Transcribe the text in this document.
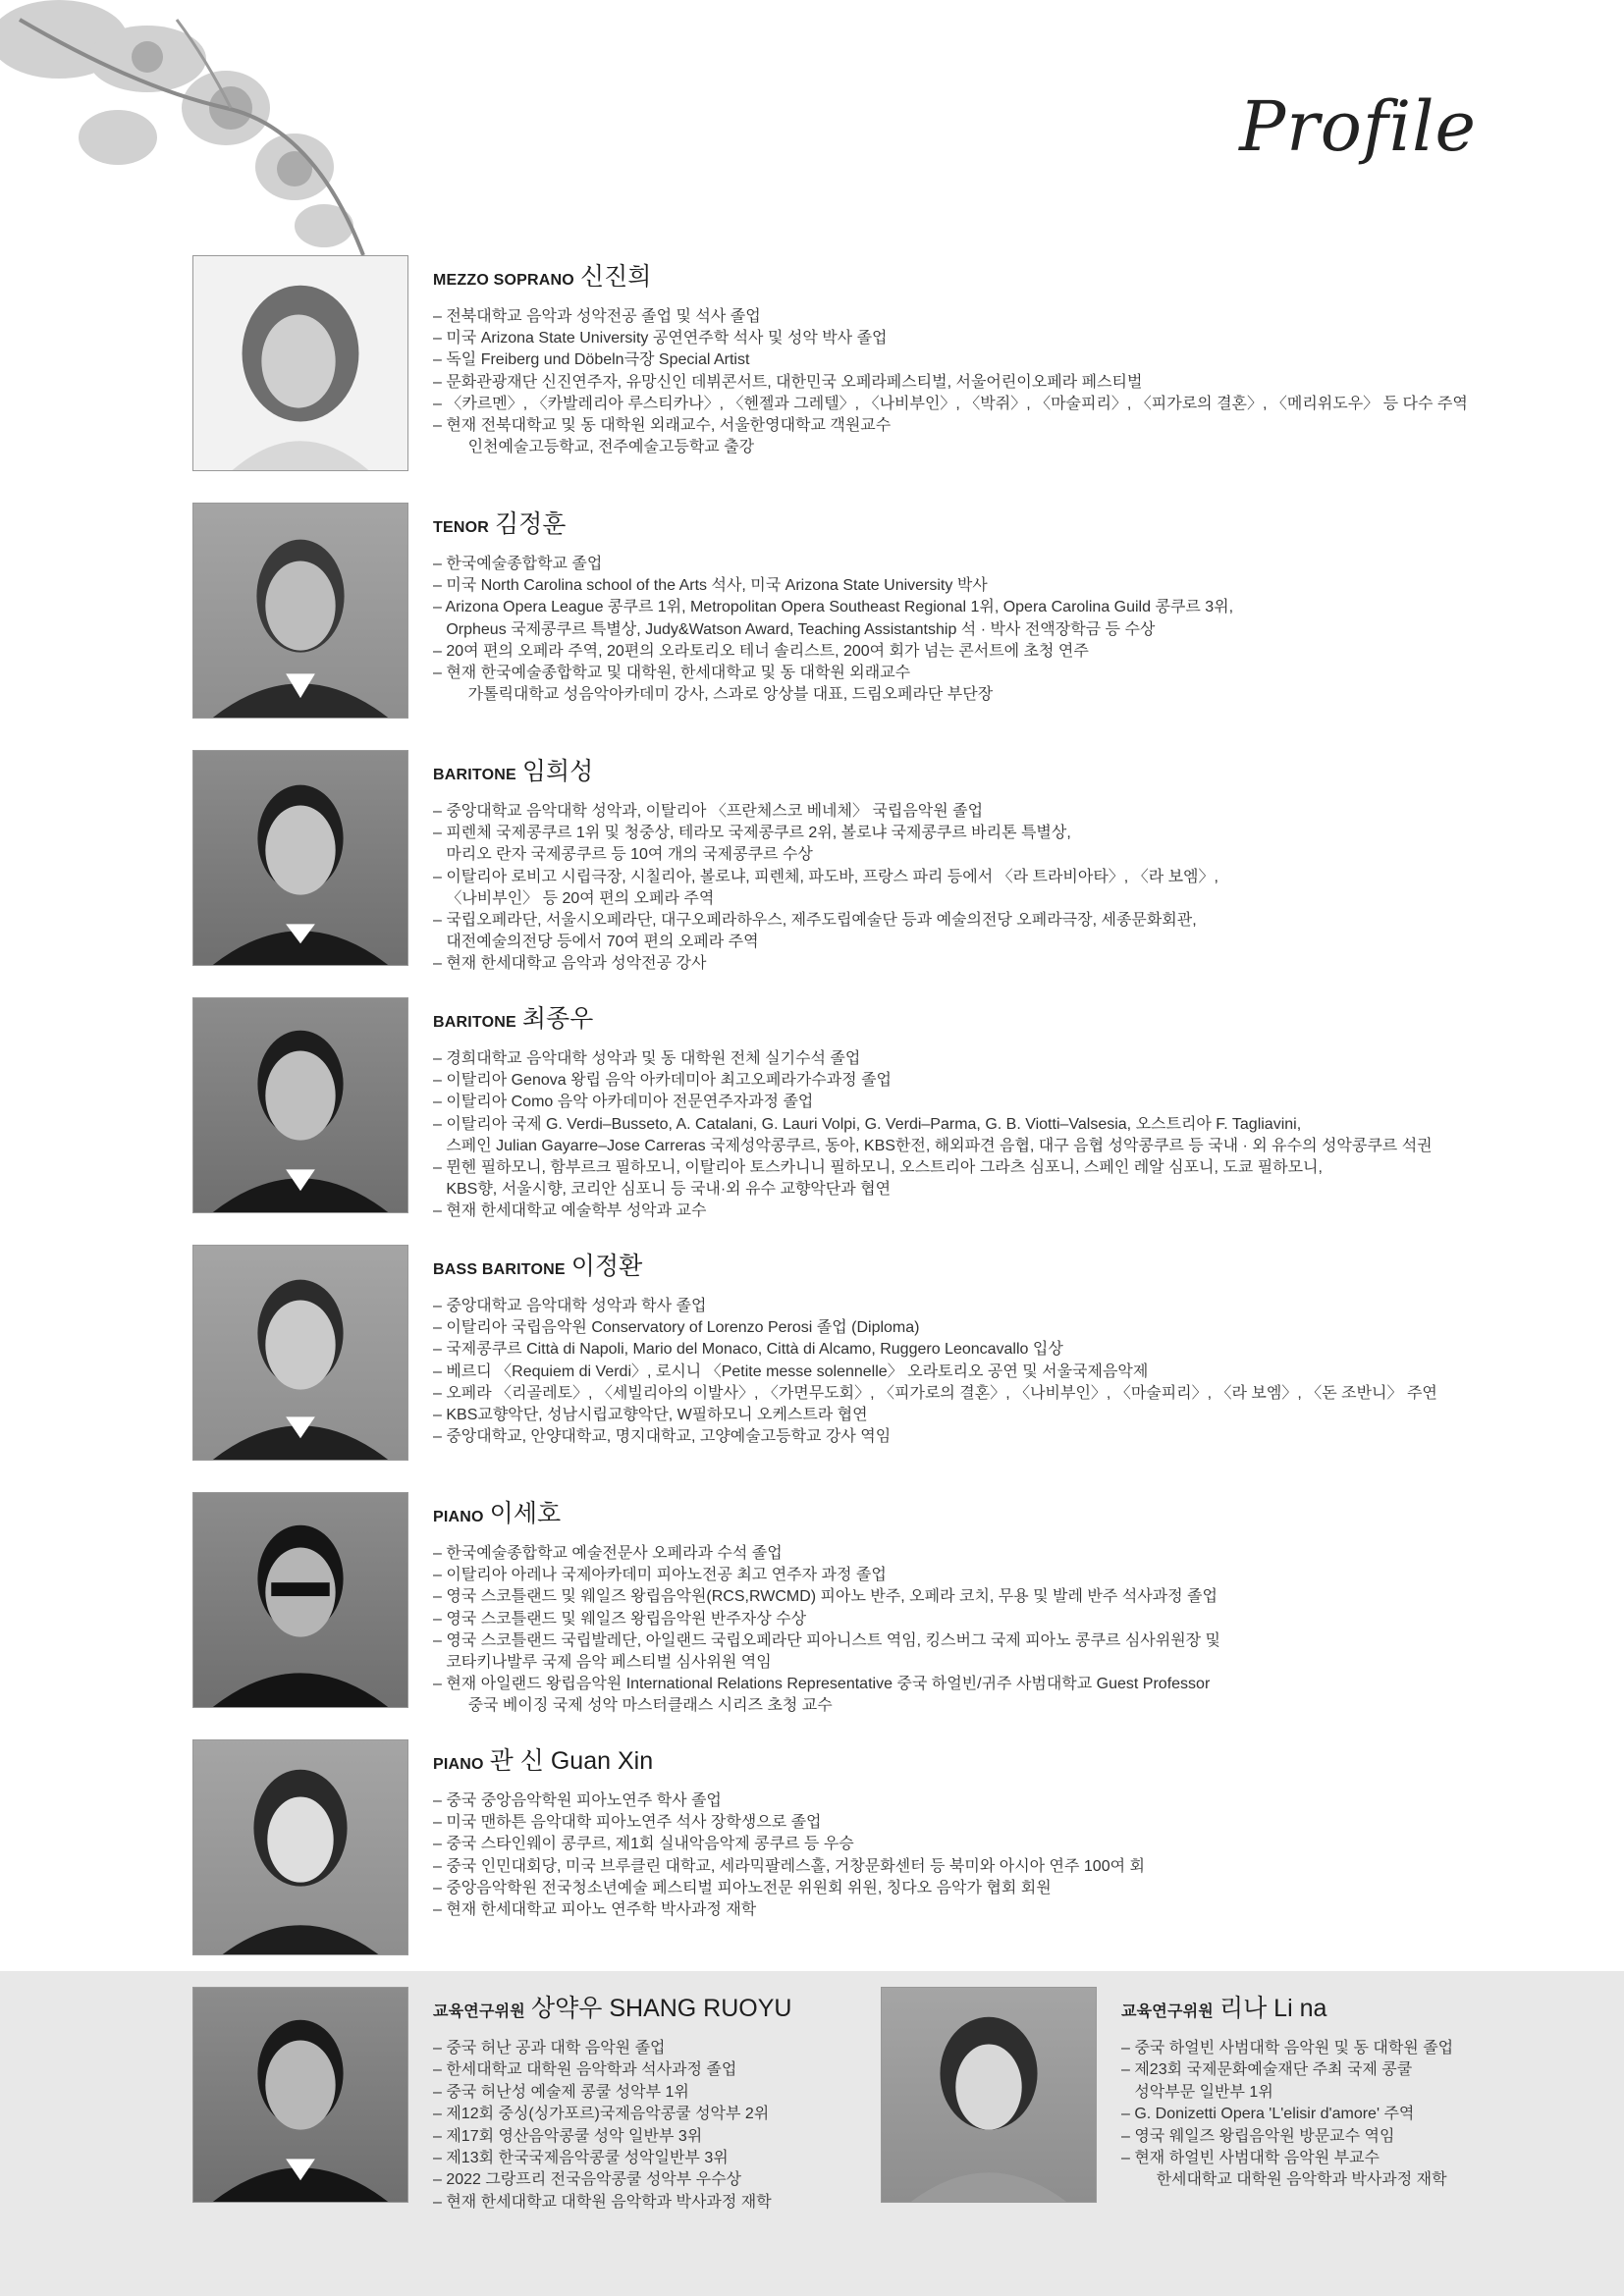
Profile
MEZZO SOPRANO 신진희
– 전북대학교 음악과 성악전공 졸업 및 석사 졸업
– 미국 Arizona State University 공연연주학 석사 및 성악 박사 졸업
– 독일 Freiberg und Döbeln극장 Special Artist
– 문화관광재단 신진연주자, 유망신인 데뷔콘서트, 대한민국 오페라페스티벌, 서울어린이오페라 페스티벌
– 〈카르멘〉, 〈카발레리아 루스티카나〉, 〈헨젤과 그레텔〉, 〈나비부인〉, 〈박쥐〉, 〈마술피리〉, 〈피가로의 결혼〉, 〈메리위도우〉 등 다수 주역
– 현재 전북대학교 및 동 대학원 외래교수, 서울한영대학교 객원교수
인천예술고등학교, 전주예술고등학교 출강
TENOR 김정훈
– 한국예술종합학교 졸업
– 미국 North Carolina school of the Arts 석사, 미국 Arizona State University 박사
– Arizona Opera League 콩쿠르 1위, Metropolitan Opera Southeast Regional 1위, Opera Carolina Guild 콩쿠르 3위,
Orpheus 국제콩쿠르 특별상, Judy&Watson Award, Teaching Assistantship 석 · 박사 전액장학금 등 수상
– 20여 편의 오페라 주역, 20편의 오라토리오 테너 솔리스트, 200여 회가 넘는 콘서트에 초청 연주
– 현재 한국예술종합학교 및 대학원, 한세대학교 및 동 대학원 외래교수
가톨릭대학교 성음악아카데미 강사, 스과로 앙상블 대표, 드림오페라단 부단장
BARITONE 임희성
– 중앙대학교 음악대학 성악과, 이탈리아 〈프란체스코 베네체〉 국립음악원 졸업
– 피렌체 국제콩쿠르 1위 및 청중상, 테라모 국제콩쿠르 2위, 볼로냐 국제콩쿠르 바리톤 특별상,
마리오 란자 국제콩쿠르 등 10여 개의 국제콩쿠르 수상
– 이탈리아 로비고 시립극장, 시칠리아, 볼로냐, 피렌체, 파도바, 프랑스 파리 등에서 〈라 트라비아타〉, 〈라 보엠〉,
〈나비부인〉 등 20여 편의 오페라 주역
– 국립오페라단, 서울시오페라단, 대구오페라하우스, 제주도립예술단 등과 예술의전당 오페라극장, 세종문화회관,
대전예술의전당 등에서 70여 편의 오페라 주역
– 현재 한세대학교 음악과 성악전공 강사
BARITONE 최종우
– 경희대학교 음악대학 성악과 및 동 대학원 전체 실기수석 졸업
– 이탈리아 Genova 왕립 음악 아카데미아 최고오페라가수과정 졸업
– 이탈리아 Como 음악 아카데미아 전문연주자과정 졸업
– 이탈리아 국제 G. Verdi–Busseto, A. Catalani, G. Lauri Volpi, G. Verdi–Parma, G. B. Viotti–Valsesia, 오스트리아 F. Tagliavini,
스페인 Julian Gayarre–Jose Carreras 국제성악콩쿠르, 동아, KBS한전, 해외파견 음협, 대구 음협 성악콩쿠르 등 국내 · 외 유수의 성악콩쿠르 석권
– 뮌헨 필하모니, 함부르크 필하모니, 이탈리아 토스카니니 필하모니, 오스트리아 그라츠 심포니, 스페인 레알 심포니, 도쿄 필하모니,
KBS향, 서울시향, 코리안 심포니 등 국내·외 유수 교향악단과 협연
– 현재 한세대학교 예술학부 성악과 교수
BASS BARITONE 이정환
– 중앙대학교 음악대학 성악과 학사 졸업
– 이탈리아 국립음악원 Conservatory of Lorenzo Perosi 졸업 (Diploma)
– 국제콩쿠르 Città di Napoli, Mario del Monaco, Città di Alcamo, Ruggero Leoncavallo 입상
– 베르디 〈Requiem di Verdi〉, 로시니 〈Petite messe solennelle〉 오라토리오 공연 및 서울국제음악제
– 오페라 〈리골레토〉, 〈세빌리아의 이발사〉, 〈가면무도회〉, 〈피가로의 결혼〉, 〈나비부인〉, 〈마술피리〉, 〈라 보엠〉, 〈돈 조반니〉 주연
– KBS교향악단, 성남시립교향악단, W필하모니 오케스트라 협연
– 중앙대학교, 안양대학교, 명지대학교, 고양예술고등학교 강사 역임
PIANO 이세호
– 한국예술종합학교 예술전문사 오페라과 수석 졸업
– 이탈리아 아레나 국제아카데미 피아노전공 최고 연주자 과정 졸업
– 영국 스코틀랜드 및 웨일즈 왕립음악원(RCS,RWCMD) 피아노 반주, 오페라 코치, 무용 및 발레 반주 석사과정 졸업
– 영국 스코틀랜드 및 웨일즈 왕립음악원 반주자상 수상
– 영국 스코틀랜드 국립발레단, 아일랜드 국립오페라단 피아니스트 역임, 킹스버그 국제 피아노 콩쿠르 심사위원장 및
코타키나발루 국제 음악 페스티벌 심사위원 역임
– 현재 아일랜드 왕립음악원 International Relations Representative 중국 하얼빈/귀주 사범대학교 Guest Professor
중국 베이징 국제 성악 마스터클래스 시리즈 초청 교수
PIANO 관 신 Guan Xin
– 중국 중앙음악학원 피아노연주 학사 졸업
– 미국 맨하튼 음악대학 피아노연주 석사 장학생으로 졸업
– 중국 스타인웨이 콩쿠르, 제1회 실내악음악제 콩쿠르 등 우승
– 중국 인민대회당, 미국 브루클린 대학교, 세라믹팔레스홀, 거창문화센터 등 북미와 아시아 연주 100여 회
– 중앙음악학원 전국청소년예술 페스티벌 피아노전문 위원회 위원, 칭다오 음악가 협회 회원
– 현재 한세대학교 피아노 연주학 박사과정 재학
교육연구위원 상약우 SHANG RUOYU
– 중국 허난 공과 대학 음악원 졸업
– 한세대학교 대학원 음악학과 석사과정 졸업
– 중국 허난성 예술제 콩쿨 성악부 1위
– 제12회 중싱(싱가포르)국제음악콩쿨 성악부 2위
– 제17회 영산음악콩쿨 성악 일반부 3위
– 제13회 한국국제음악콩쿨 성악일반부 3위
– 2022 그랑프리 전국음악콩쿨 성악부 우수상
– 현재 한세대학교 대학원 음악학과 박사과정 재학
교육연구위원 리나 Li na
– 중국 하얼빈 사범대학 음악원 및 동 대학원 졸업
– 제23회 국제문화예술재단 주최 국제 콩쿨
성악부문 일반부 1위
– G. Donizetti Opera 'L'elisir d'amore' 주역
– 영국 웨일즈 왕립음악원 방문교수 역임
– 현재 하얼빈 사범대학 음악원 부교수
한세대학교 대학원 음악학과 박사과정 재학
